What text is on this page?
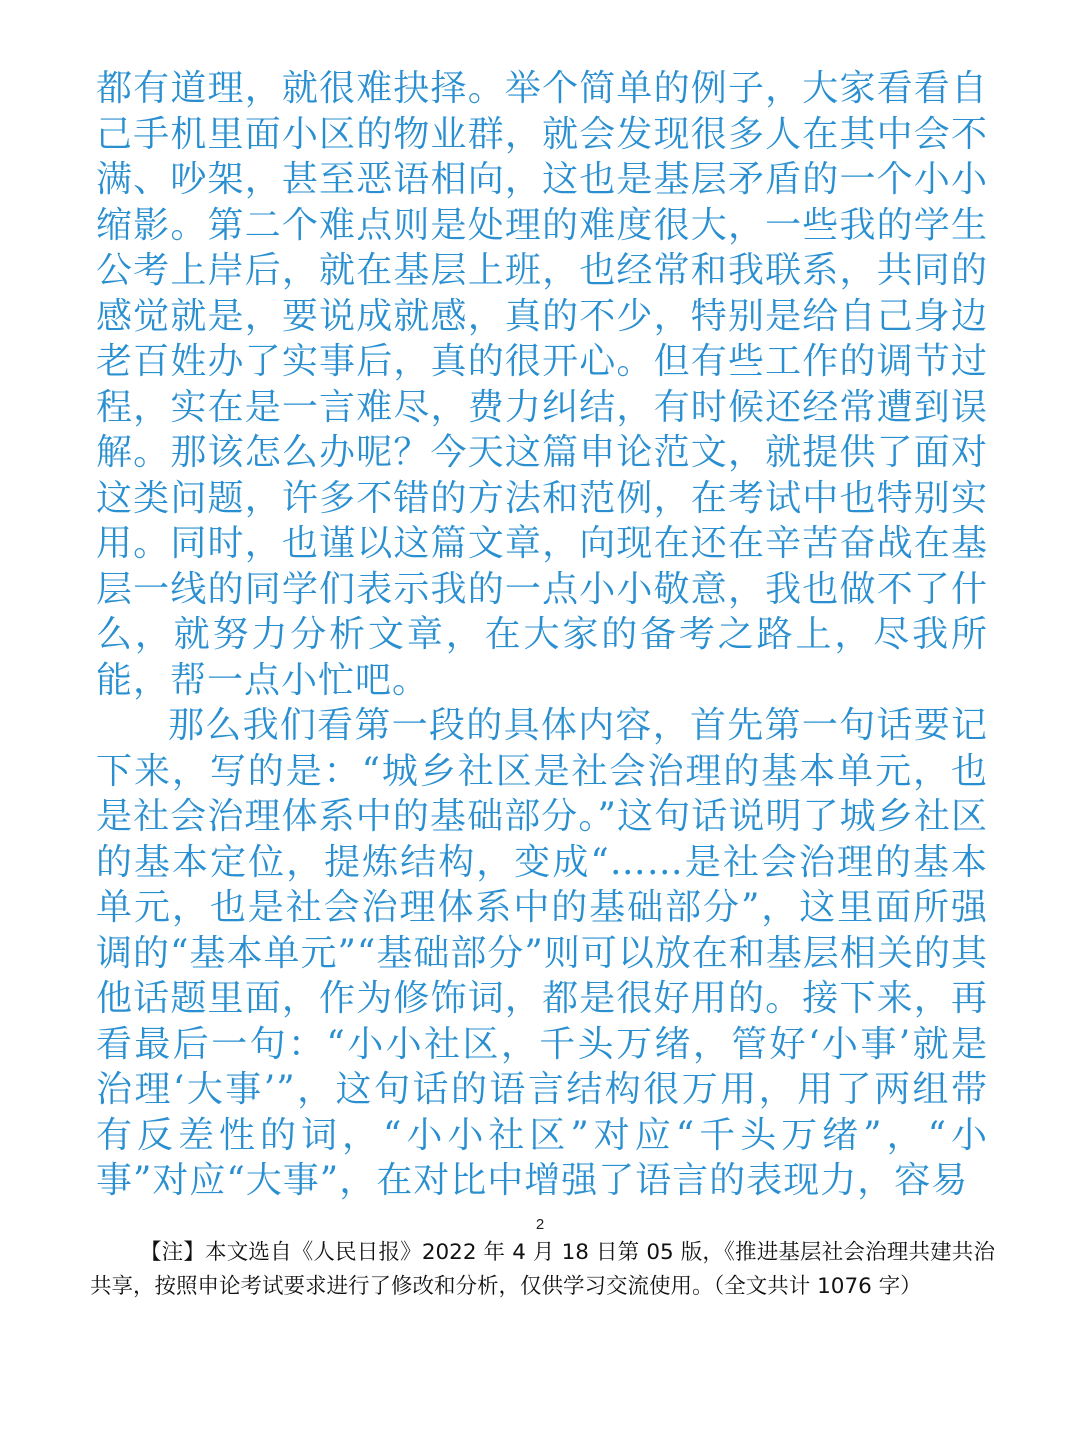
都有道理，就很难抉择。举个简单的例子，大家看看自己手机里面小区的物业群，就会发现很多人在其中会不满、吵架，甚至恶语相向，这也是基层矛盾的一个小小缩影。第二个难点则是处理的难度很大，一些我的学生公考上岸后，就在基层上班，也经常和我联系，共同的感觉就是，要说成就感，真的不少，特别是给自己身边老百姓办了实事后，真的很开心。但有些工作的调节过程，实在是一言难尽，费力纠结，有时候还经常遭到误解。那该怎么办呢？今天这篇申论范文，就提供了面对这类问题，许多不错的方法和范例，在考试中也特别实用。同时，也谨以这篇文章，向现在还在辛苦奋战在基层一线的同学们表示我的一点小小敬意，我也做不了什么，就努力分析文章，在大家的备考之路上，尽我所能，帮一点小忙吧。

那么我们看第一段的具体内容，首先第一句话要记下来，写的是：“城乡社区是社会治理的基本单元，也是社会治理体系中的基础部分。”这句话说明了城乡社区的基本定位，提炼结构，变成“……是社会治理的基本单元，也是社会治理体系中的基础部分”，这里面所强调的“基本单元”“基础部分”则可以放在和基层相关的其他话题里面，作为修饰词，都是很好用的。接下来，再看最后一句：“小小社区，千头万绪，管好‘小事’就是治理‘大事’”，这句话的语言结构很万用，用了两组带有反差性的词，“小小社区”对应“千头万绪”，“小事”对应“大事”，在对比中增强了语言的表现力，容易

2
【注】本文选自《人民日报》2022 年 4 月 18 日第 05 版，《推进基层社会治理共建共治共享，按照申论考试要求进行了修改和分析，仅供学习交流使用。（全文共计 1076 字）
